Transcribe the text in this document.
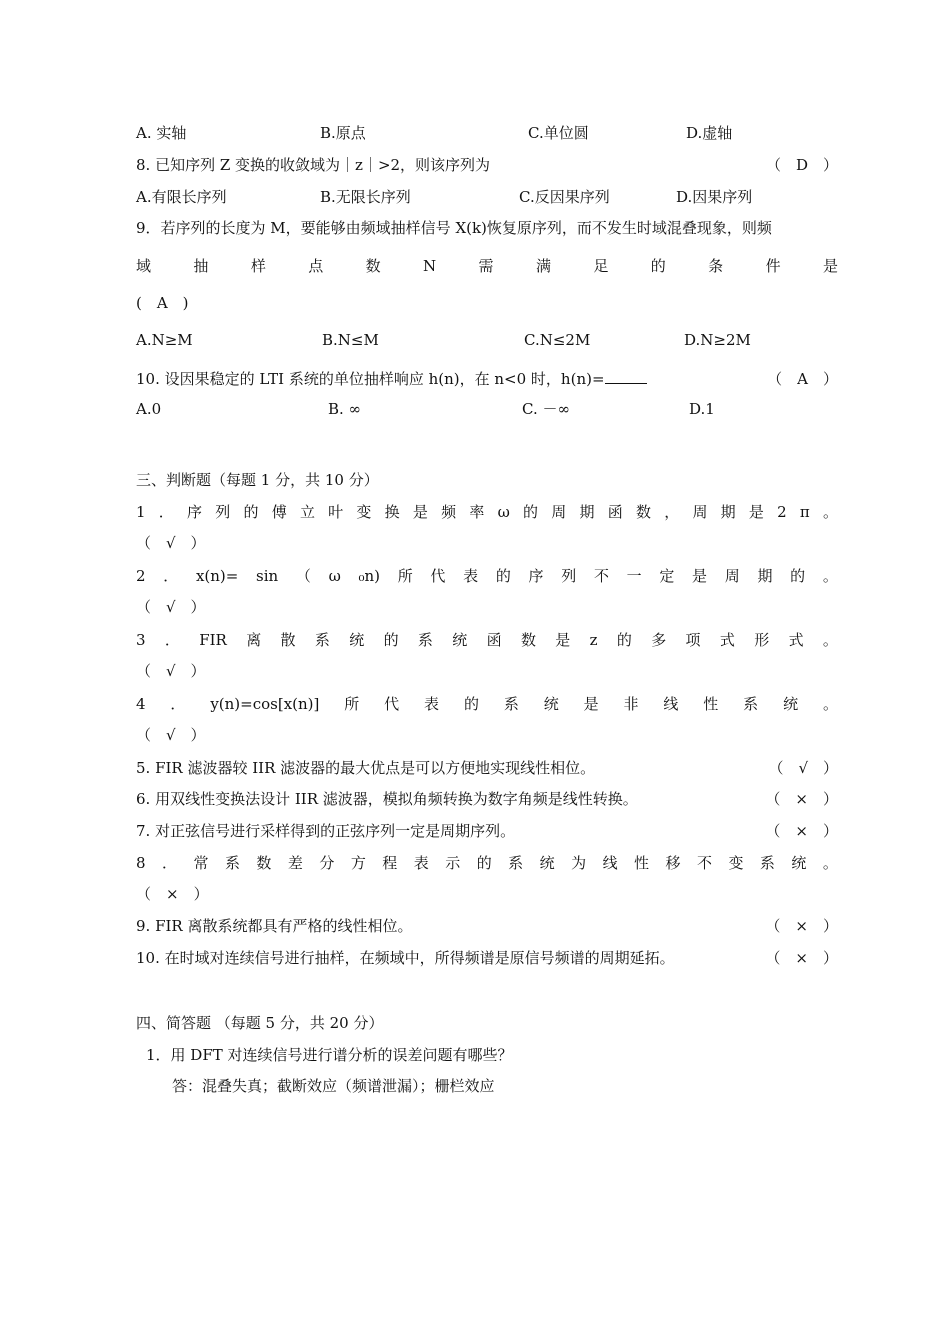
A. 实轴	B.原点	C.单位圆	D.虚轴
8. 已知序列 Z 变换的收敛域为｜z｜>2，则该序列为	（　D　）
A.有限长序列	B.无限长序列	C.反因果序列	D.因果序列
9．若序列的长度为 M，要能够由频域抽样信号 X(k)恢复原序列，而不发生时域混叠现象，则频
域	抽	样	点	数	N	需	满	足	的	条	件	是
(　A　)
A.N≥M	B.N≤M	C.N≤2M	D.N≥2M
10. 设因果稳定的 LTI 系统的单位抽样响应 h(n)，在 n<0 时，h(n)=	（　A　）
A.0	B. ∞	C. －∞	D.1
三、判断题（每题 1 分，共 10 分）
1 ． 序 列 的 傅 立 叶 变 换 是 频 率 ω 的 周 期 函 数 ， 周 期 是 2 π 。
（　√　）
2 ． x(n)= sin （ ω ₀n) 所 代 表 的 序 列 不 一 定 是 周 期 的 。
（　√　）
3 ． FIR 离 散 系 统 的 系 统 函 数 是 z 的 多 项 式 形 式 。
（　√　）
4 ． y(n)=cos[x(n)] 所 代 表 的 系 统 是 非 线 性 系 统 。
（　√　）
5. FIR 滤波器较 IIR 滤波器的最大优点是可以方便地实现线性相位。	（　√　）
6. 用双线性变换法设计 IIR 滤波器，模拟角频转换为数字角频是线性转换。	（　×　）
7. 对正弦信号进行采样得到的正弦序列一定是周期序列。	（　×　）
8 ． 常 系 数 差 分 方 程 表 示 的 系 统 为 线 性 移 不 变 系 统 。
（　×　）
9. FIR 离散系统都具有严格的线性相位。	（　×　）
10. 在时域对连续信号进行抽样，在频域中，所得频谱是原信号频谱的周期延拓。	（　×　）
四、简答题 （每题 5 分，共 20 分）
1．用 DFT 对连续信号进行谱分析的误差问题有哪些？
答：混叠失真；截断效应（频谱泄漏）；栅栏效应
